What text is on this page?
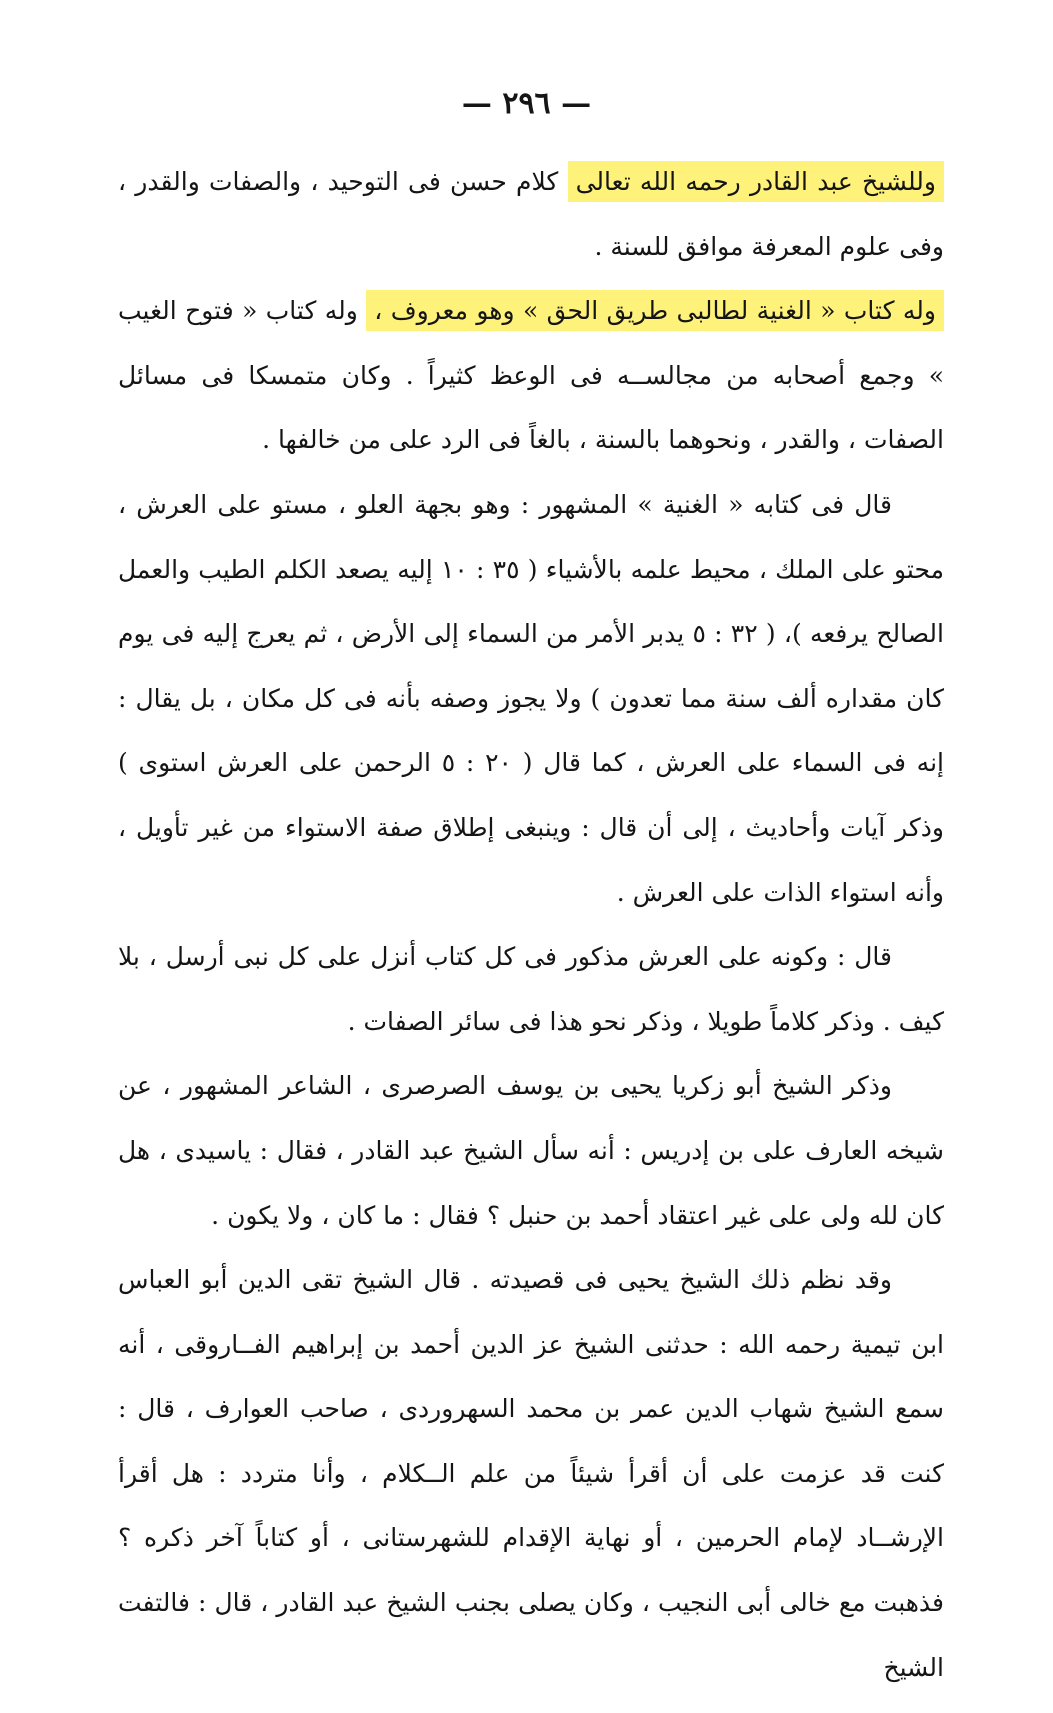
— ٢٩٦ —

وللشيخ عبد القادر رحمه الله تعالى كلام حسن فى التوحيد ، والصفات والقدر ، وفى علوم المعرفة موافق للسنة .

وله كتاب « الغنية لطالبى طريق الحق » وهو معروف ، وله كتاب « فتوح الغيب » وجمع أصحابه من مجالســه فى الوعظ كثيراً . وكان متمسكا فى مسائل الصفات ، والقدر ، ونحوهما بالسنة ، بالغاً فى الرد على من خالفها .

قال فى كتابه « الغنية » المشهور : وهو بجهة العلو ، مستو على العرش ، محتو على الملك ، محيط علمه بالأشياء ( ٣٥ : ١٠ إليه يصعد الكلم الطيب والعمل الصالح يرفعه )، ( ٣٢ : ٥ يدبر الأمر من السماء إلى الأرض ، ثم يعرج إليه فى يوم كان مقداره ألف سنة مما تعدون ) ولا يجوز وصفه بأنه فى كل مكان ، بل يقال : إنه فى السماء على العرش ، كما قال ( ٢٠ : ٥ الرحمن على العرش استوى ) وذكر آيات وأحاديث ، إلى أن قال : وينبغى إطلاق صفة الاستواء من غير تأويل ، وأنه استواء الذات على العرش .

قال : وكونه على العرش مذكور فى كل كتاب أنزل على كل نبى أرسل ، بلا كيف . وذكر كلاماً طويلا ، وذكر نحو هذا فى سائر الصفات .

وذكر الشيخ أبو زكريا يحيى بن يوسف الصرصرى ، الشاعر المشهور ، عن شيخه العارف على بن إدريس : أنه سأل الشيخ عبد القادر ، فقال : ياسيدى ، هل كان لله ولى على غير اعتقاد أحمد بن حنبل ؟ فقال : ما كان ، ولا يكون .

وقد نظم ذلك الشيخ يحيى فى قصيدته . قال الشيخ تقى الدين أبو العباس ابن تيمية رحمه الله : حدثنى الشيخ عز الدين أحمد بن إبراهيم الفــاروقى ، أنه سمع الشيخ شهاب الدين عمر بن محمد السهروردى ، صاحب العوارف ، قال : كنت قد عزمت على أن أقرأ شيئاً من علم الــكلام ، وأنا متردد : هل أقرأ الإرشــاد لإمام الحرمين ، أو نهاية الإقدام للشهرستانى ، أو كتاباً آخر ذكره ؟ فذهبت مع خالى أبى النجيب ، وكان يصلى بجنب الشيخ عبد القادر ، قال : فالتفت الشيخ
